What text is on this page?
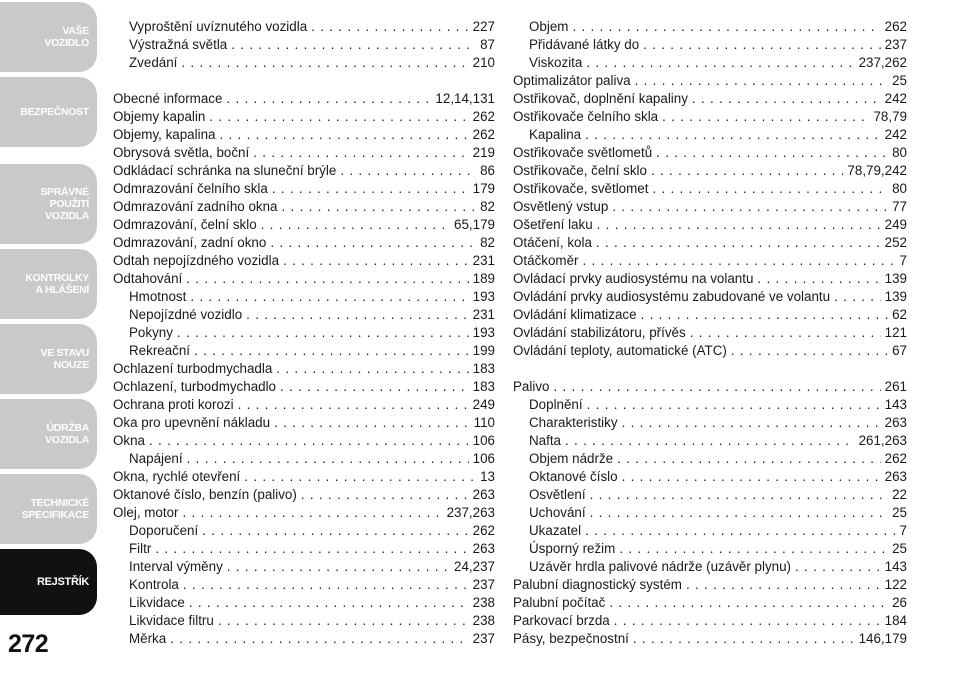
VAŠE
VOZIDLO
BEZPEČNOST
SPRÁVNÉ
POUŽITÍ
VOZIDLA
KONTROLKY
A HLÁŠENÍ
VE STAVU
NOUZE
ÚDRŽBA
VOZIDLA
TECHNICKÉ
SPECIFIKACE
REJSTŘÍK
272
Vyproštění uvíznutého vozidla . . .	227
Výstražná světla . . .	87
Zvedání . . .	210
Obecné informace . . .	12,14,131
Objemy kapalin . . .	262
Objemy, kapalina . . .	262
Obrysová světla, boční . . .	219
Odkládací schránka na sluneční brýle . . .	86
Odmrazování čelního skla . . .	179
Odmrazování zadního okna . . .	82
Odmrazování, čelní sklo . . .	65,179
Odmrazování, zadní okno . . .	82
Odtah nepojízdného vozidla . . .	231
Odtahování . . .	189
Hmotnost . . .	193
Nepojízdné vozidlo . . .	231
Pokyny . . .	193
Rekreační . . .	199
Ochlazení turbodmychadla . . .	183
Ochlazení, turbodmychadlo . . .	183
Ochrana proti korozi . . .	249
Oka pro upevnění nákladu . . .	110
Okna . . .	106
Napájení . . .	106
Okna, rychlé otevření . . .	13
Oktanové číslo, benzín (palivo) . . .	263
Olej, motor . . .	237,263
Doporučení . . .	262
Filtr . . .	263
Interval výměny . . .	24,237
Kontrola . . .	237
Likvidace . . .	238
Likvidace filtru . . .	238
Měrka . . .	237
Objem . . .	262
Přidávané látky do . . .	237
Viskozita . . .	237,262
Optimalizátor paliva . . .	25
Ostřikovač, doplnění kapaliny . . .	242
Ostřikovače čelního skla . . .	78,79
Kapalina . . .	242
Ostřikovače světlometů . . .	80
Ostřikovače, čelní sklo . . .	78,79,242
Ostřikovače, světlomet . . .	80
Osvětlený vstup . . .	77
Ošetření laku . . .	249
Otáčení, kola . . .	252
Otáčkoměr . . .	7
Ovládací prvky audiosystému na volantu . . .	139
Ovládání prvky audiosystému zabudované ve volantu . . .	139
Ovládání klimatizace . . .	62
Ovládání stabilizátoru, přívěs . . .	121
Ovládání teploty, automatické (ATC) . . .	67
Palivo . . .	261
Doplnění . . .	143
Charakteristiky . . .	263
Nafta . . .	261,263
Objem nádrže . . .	262
Oktanové číslo . . .	263
Osvětlení . . .	22
Uchování . . .	25
Ukazatel . . .	7
Úsporný režim . . .	25
Uzávěr hrdla palivové nádrže (uzávěr plynu) . . .	143
Palubní diagnostický systém . . .	122
Palubní počítač . . .	26
Parkovací brzda . . .	184
Pásy, bezpečnostní . . .	146,179
